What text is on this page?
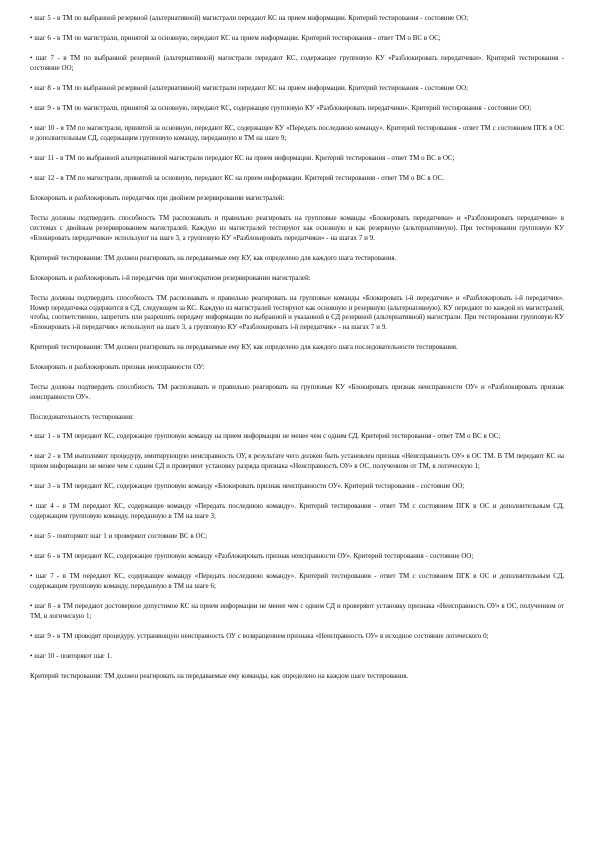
• шаг 5 - в ТМ по выбранной резервной (альтернативной) магистрали передают КС на прием информации. Критерий тестирования - состояние ОО;

• шаг 6 - в ТМ по магистрали, принятой за основную, передают КС на прием информации. Критерий тестирования - ответ ТМ о ВС в ОС;

• шаг 7 - в ТМ по выбранной резервной (альтернативной) магистрали передают КС, содержащее групповую КУ «Разблокировать передатчики». Критерий тестирования - состояние ОО;

• шаг 8 - в ТМ по выбранной резервной (альтернативной) магистрали передают КС на прием информации. Критерий тестирования - состояние ОО;

• шаг 9 - в ТМ по магистрали, принятой за основную, передают КС, содержащее групповую КУ «Разблокировать передатчики». Критерий тестирования - состояние ОО;

• шаг 10 - в ТМ по магистрали, принятой за основную, передают КС, содержащее КУ «Передать последнюю команду». Критерий тестирования - ответ ТМ с состоянием ПГК в ОС и дополнительным СД, содержащим групповую команду, переданную в ТМ на шаге 9;

• шаг 11 - в ТМ по выбранной альтернативной магистрали передают КС на прием информации. Критерий тестирования - ответ ТМ о ВС в ОС;

• шаг 12 - в ТМ по магистрали, принятой за основную, передают КС на прием информации. Критерий тестирования - ответ ТМ о ВС в ОС.

Блокировать и разблокировать передатчик при двойном резервировании магистралей:

Тесты должны подтвердить способность ТМ распознавать и правильно реагировать на групповые команды «Блокировать передатчики» и «Разблокировать передатчики» в системах с двойным резервированием магистралей. Каждую из магистралей тестируют как основную и как резервную (альтернативную). При тестировании групповую КУ «Блокировать передатчики» используют на шаге 3, а групповую КУ «Разблокировать передатчики» - на шагах 7 и 9.

Критерий тестирования: ТМ должен реагировать на передаваемые ему КУ, как определено для каждого шага тестирования.

Блокировать и разблокировать i-й передатчик при многократном резервировании магистралей:

Тесты должны подтвердить способность ТМ распознавать и правильно реагировать на групповые команды «Блокировать i-й передатчик» и «Разблокировать i-й передатчик». Номер передатчика содержится в СД, следующем за КС. Каждую из магистралей тестируют как основную и резервную (альтернативную). КУ передают по каждой из магистралей, чтобы, соответственно, запретить или разрешить передачу информации по выбранной и указанной в СД резервной (альтернативной) магистрали. При тестировании групповую КУ «Блокировать i-й передатчик» используют на шаге 3, а групповую КУ «Разблокировать i-й передатчик» - на шагах 7 и 9.

Критерий тестирования: ТМ должен реагировать на передаваемые ему КУ, как определено для каждого шага последовательности тестирования.

Блокировать и разблокировать признак неисправности ОУ:

Тесты должны подтвердить способность ТМ распознавать и правильно реагировать на групповые КУ «Блокировать признак неисправности ОУ» и «Разблокировать признак неисправности ОУ».

Последовательность тестирования:

• шаг 1 - в ТМ передают КС, содержащее групповую команду на прием информации не менее чем с одним СД. Критерий тестирования - ответ ТМ о ВС в ОС;

• шаг 2 - в ТМ выполняют процедуру, имитирующую неисправность ОУ, в результате чего должен быть установлен признак «Неисправность ОУ» в ОС ТМ. В ТМ передают КС на прием информации не менее чем с одним СД и проверяют установку разряда признака «Неисправность ОУ» в ОС, полученном от ТМ, в логическую 1;

• шаг 3 - в ТМ передают КС, содержащее групповую команду «Блокировать признак неисправности ОУ». Критерий тестирования - состояние ОО;

• шаг 4 - в ТМ передают КС, содержащее команду «Передать последнюю команду». Критерий тестирования - ответ ТМ с состоянием ПГК в ОС и дополнительным СД, содержащим групповую команду, переданную в ТМ на шаге 3;

• шаг 5 - повторяют шаг 1 и проверяют состояние ВС в ОС;

• шаг 6 - в ТМ передают КС, содержащее групповую команду «Разблокировать признак неисправности ОУ». Критерий тестирования - состояние ОО;

• шаг 7 - в ТМ передают КС, содержащее команду «Передать последнюю команду». Критерий тестирования - ответ ТМ с состоянием ПГК в ОС и дополнительным СД, содержащим групповую команду, переданную в ТМ на шаге 6;

• шаг 8 - в ТМ передают достоверное допустимое КС на прием информации не менее чем с одним СД и проверяют установку признака «Неисправность ОУ» в ОС, полученном от ТМ, в логическую 1;

• шаг 9 - в ТМ проводят процедуру, устраняющую неисправность ОУ с возвращением признака «Неисправность ОУ» в исходное состояние логического 0;

• шаг 10 - повторяют шаг 1.

Критерий тестирования: ТМ должен реагировать на передаваемые ему команды, как определено на каждом шаге тестирования.
